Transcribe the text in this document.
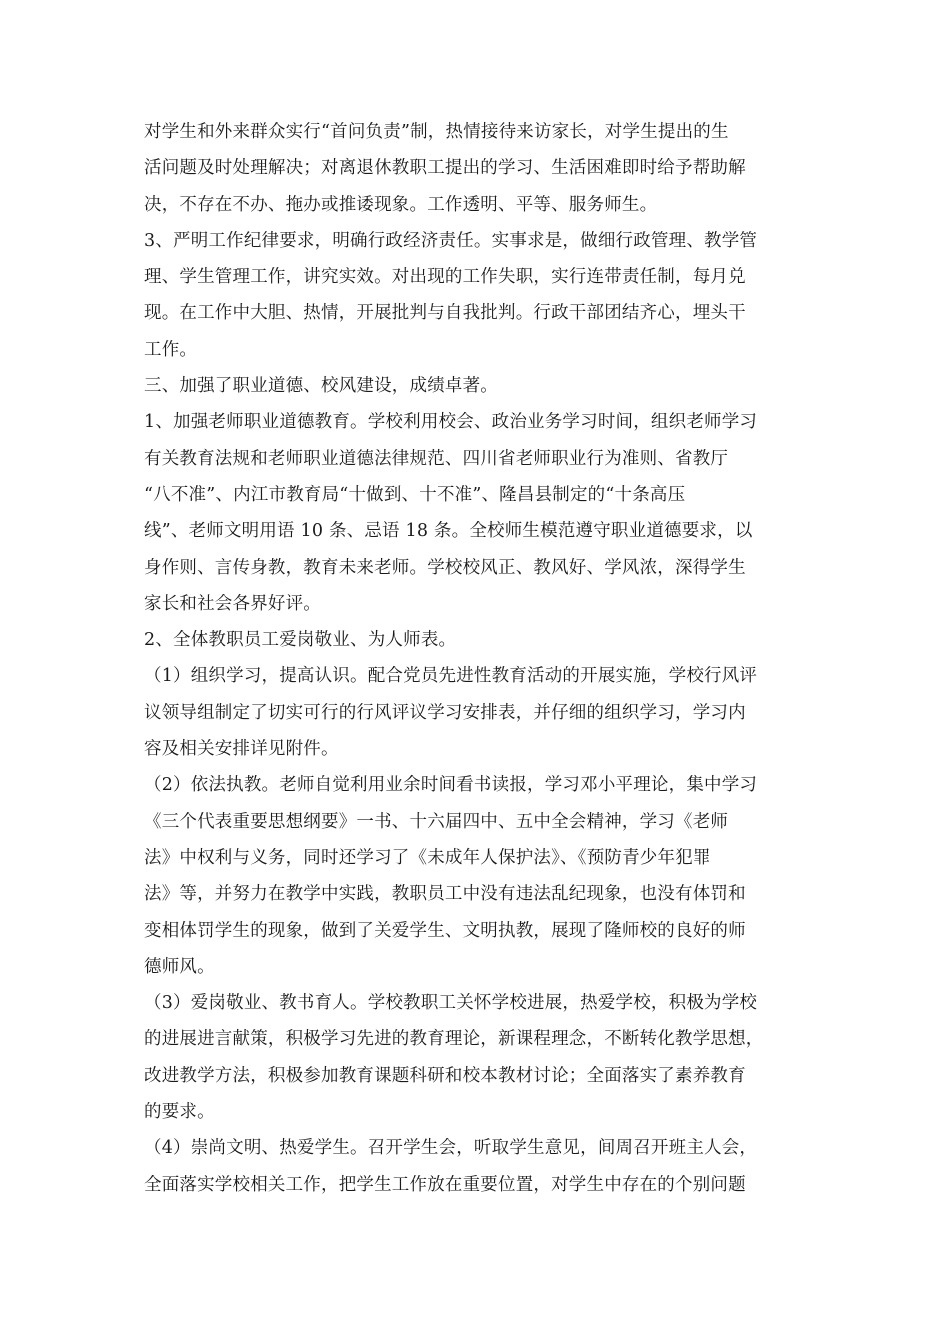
对学生和外来群众实行“首问负责”制，热情接待来访家长，对学生提出的生
活问题及时处理解决；对离退休教职工提出的学习、生活困难即时给予帮助解
决，不存在不办、拖办或推诿现象。工作透明、平等、服务师生。
3、严明工作纪律要求，明确行政经济责任。实事求是，做细行政管理、教学管
理、学生管理工作，讲究实效。对出现的工作失职，实行连带责任制，每月兑
现。在工作中大胆、热情，开展批判与自我批判。行政干部团结齐心，埋头干
工作。
三、加强了职业道德、校风建设，成绩卓著。
1、加强老师职业道德教育。学校利用校会、政治业务学习时间，组织老师学习
有关教育法规和老师职业道德法律规范、四川省老师职业行为准则、省教厅
“八不准”、内江市教育局“十做到、十不准”、隆昌县制定的“十条高压
线”、老师文明用语 10 条、忌语 18 条。全校师生模范遵守职业道德要求，以
身作则、言传身教，教育未来老师。学校校风正、教风好、学风浓，深得学生
家长和社会各界好评。
2、全体教职员工爱岗敬业、为人师表。
（1）组织学习，提高认识。配合党员先进性教育活动的开展实施，学校行风评
议领导组制定了切实可行的行风评议学习安排表，并仔细的组织学习，学习内
容及相关安排详见附件。
（2）依法执教。老师自觉利用业余时间看书读报，学习邓小平理论，集中学习
《三个代表重要思想纲要》一书、十六届四中、五中全会精神，学习《老师
法》中权利与义务，同时还学习了《未成年人保护法》、《预防青少年犯罪
法》等，并努力在教学中实践，教职员工中没有违法乱纪现象，也没有体罚和
变相体罚学生的现象，做到了关爱学生、文明执教，展现了隆师校的良好的师
德师风。
（3）爱岗敬业、教书育人。学校教职工关怀学校进展，热爱学校，积极为学校
的进展进言献策，积极学习先进的教育理论，新课程理念，不断转化教学思想，
改进教学方法，积极参加教育课题科研和校本教材讨论；全面落实了素养教育
的要求。
（4）崇尚文明、热爱学生。召开学生会，听取学生意见，间周召开班主人会，
全面落实学校相关工作，把学生工作放在重要位置，对学生中存在的个别问题
